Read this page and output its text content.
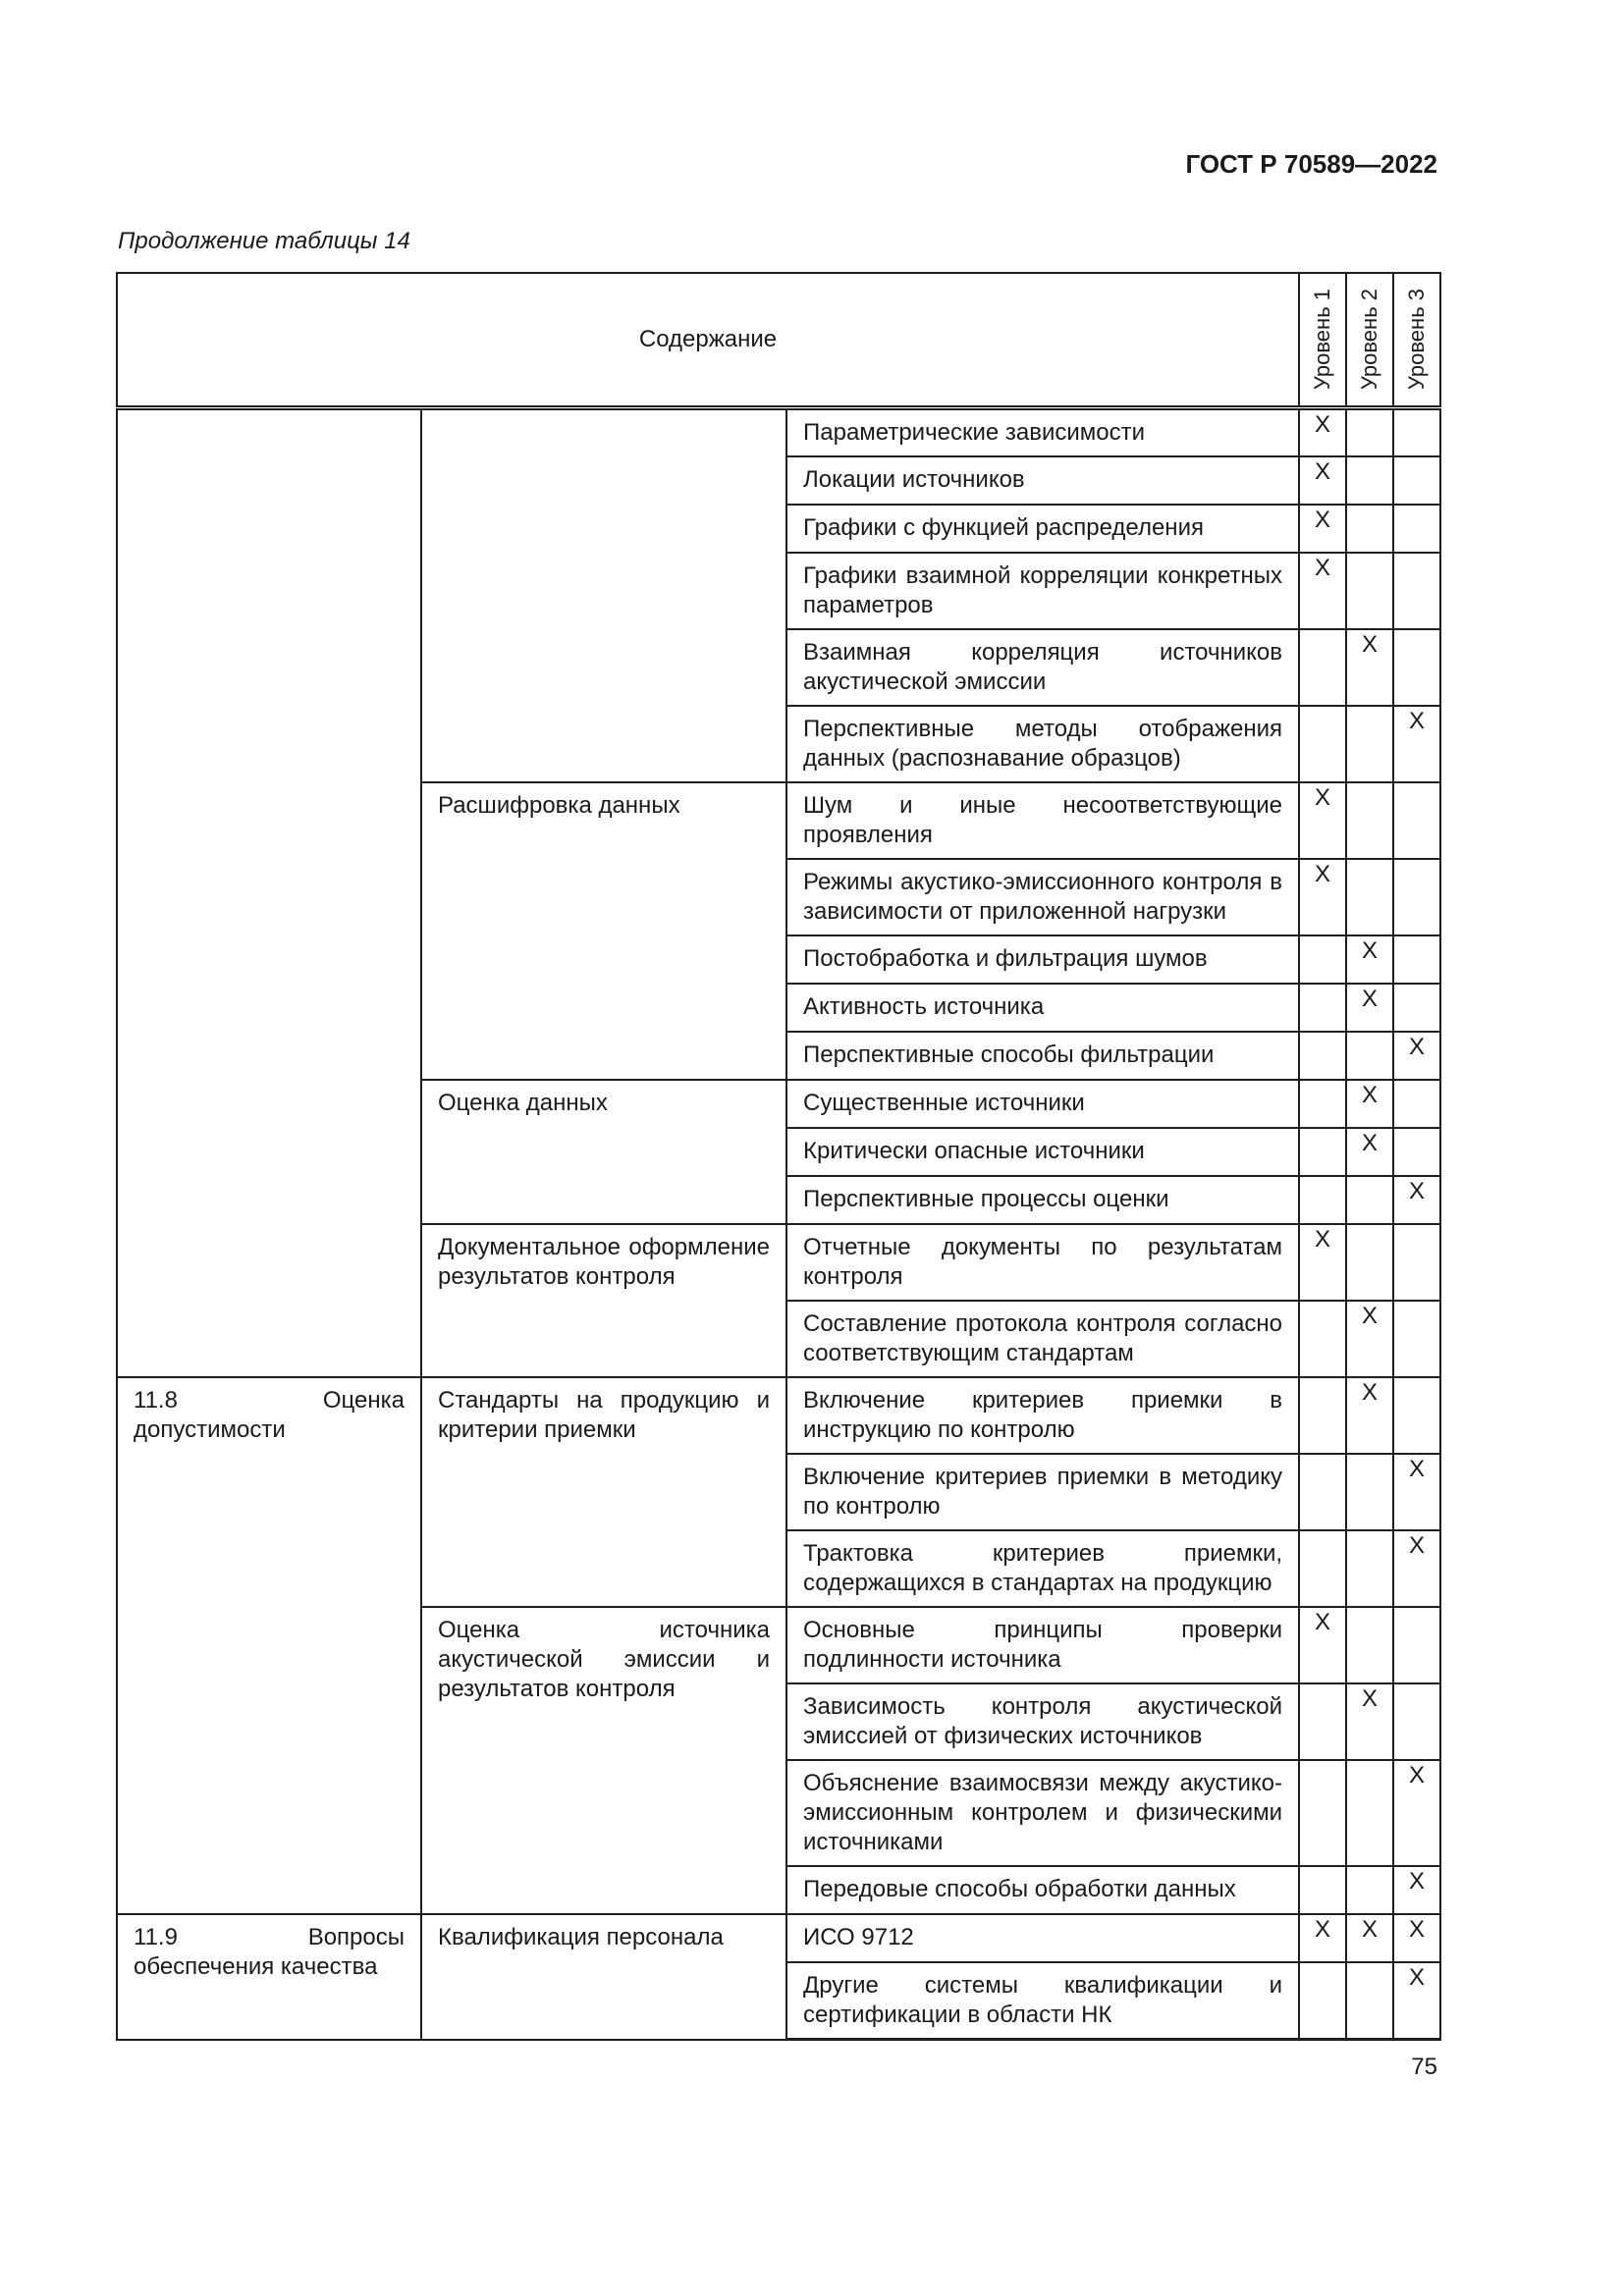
ГОСТ Р 70589—2022
Продолжение таблицы 14
Содержание			Уровень 1	Уровень 2	Уровень 3

		Параметрические зависимости	X		
		Локации источников	X		
		Графики с функцией распределения	X		
		Графики взаимной корреляции конкретных параметров	X		
		Взаимная корреляция источников акустической эмиссии		X	
		Перспективные методы отображения данных (распознавание образцов)			X
	Расшифровка данных	Шум и иные несоответствующие проявления	X		
		Режимы акустико-эмиссионного контроля в зависимости от приложенной нагрузки	X		
		Постобработка и фильтрация шумов		X	
		Активность источника		X	
		Перспективные способы фильтрации			X
	Оценка данных	Существенные источники		X	
		Критически опасные источники		X	
		Перспективные процессы оценки			X
	Документальное оформление результатов контроля	Отчетные документы по результатам контроля	X		
		Составление протокола контроля согласно соответствующим стандартам		X	
11.8 Оценка допустимости	Стандарты на продукцию и критерии приемки	Включение критериев приемки в инструкцию по контролю		X	
		Включение критериев приемки в методику по контролю			X
		Трактовка критериев приемки, содержащихся в стандартах на продукцию			X
	Оценка источника акустической эмиссии и результатов контроля	Основные принципы проверки подлинности источника	X		
		Зависимость контроля акустической эмиссией от физических источников		X	
		Объяснение взаимосвязи между акустико-эмиссионным контролем и физическими источниками			X
		Передовые способы обработки данных			X
11.9 Вопросы обеспечения качества	Квалификация персонала	ИСО 9712	X	X	X
		Другие системы квалификации и сертификации в области НК			X
75
